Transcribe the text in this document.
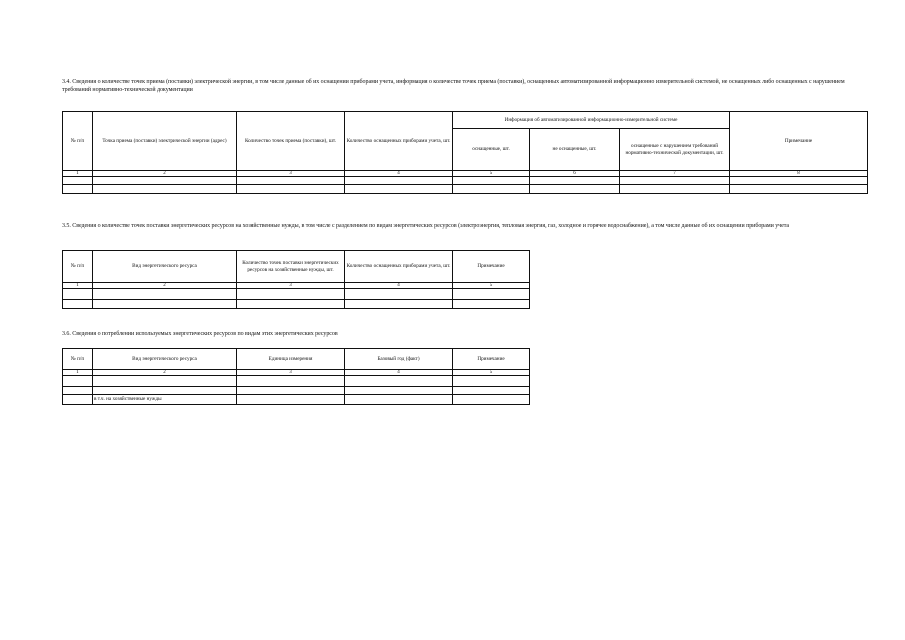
3.4. Сведения о количестве точек приема (поставки) электрической энергии, в том числе данные об их оснащении приборами учета, информация о количестве точек приема (поставки), оснащенных автоматизированной информационно измерительной системой, не оснащенных либо оснащенных с нарушением требований нормативно-технической документации
№ п/п	Точка приема (поставки) электрической энергии (адрес)	Количество точек приема (поставки), шт.	Количество оснащенных приборами учета, шт.	Информация об автоматизированной информационно-измерительной системе			Примечание
				оснащенные, шт.	не оснащенные, шт.	оснащенные с нарушением требований нормативно-технической документации, шт.	
1	2	3	4	5	6	7	8

3.5. Сведения о количестве точек поставки энергетических ресурсов на хозяйственные нужды, в том числе с разделением по видам энергетических ресурсов (электроэнергия, тепловая энергия, газ, холодное и горячее водоснабжение), а том числе данные об их оснащении приборами учета
№ п/п	Вид энергетического ресурса	Количество точек поставки энергетических ресурсов на хозяйственные нужды, шт.	Количество оснащенных приборами учета, шт.	Примечание
1	2	3	4	5

3.6. Сведения о потреблении используемых энергетических ресурсов по видам этих энергетических ресурсов
№ п/п	Вид энергетического ресурса	Единица измерения	Базовый год (факт)	Примечание
1	2	3	4	5

	в т.ч. на хозяйственные нужды			
